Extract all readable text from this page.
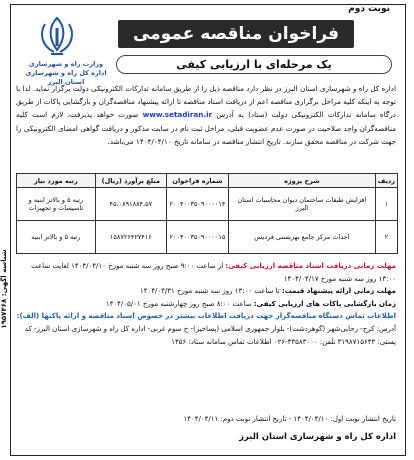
نوبت دوم
فراخوان مناقصه عمومی
یک مرحله‌ای با ارزیابی کیفی
وزارت راه و شهرسازی
اداره کل راه و شهرسازی استان البرز
اداره کل راه و شهرسازی استان البرز در نظر دارد مناقصه ذیل را از طریق سامانه تدارکات الکترونیکی دولت برگزار نماید. لذا با توجه به اینکه کلیه مراحل برگزاری مناقصه اعم از دریافت اسناد مناقصه تا ارائه پیشنهاد مناقصه‌گران و بازگشایی پاکات از طریق درگاه سامانه تدارکات الکترونیکی دولت (ستاد) به آدرس www.setadiran.ir صورت خواهد پذیرفت، لازم است کلیه مناقصه‌گران واجد صلاحیت در صورت عدم عضویت قبلی، مراحل ثبت نام در سایت مذکور و دریافت گواهی امضای الکترونیکی را جهت شرکت در مناقصه محقق سازند. تاریخ انتشار مناقصه در سامانه تاریخ ۱۴۰۴/۰۴/۱۰ می‌باشد.
ردیف	شرح پروژه	شماره فراخوان	مبلغ برآورد (ریال)	رتبه مورد نیاز
۱	افزایش طبقات ساختمان دیوان محاسبات استان البرز	۲۰۰۴۰۰۳۵۰۹۰۰۰۰۱۴	۴۵،۰۸۹۱۸۸۴،۵۷	رتبه ۵ و بالاتر ابنیه و تاسیسات و تجهیزات
۲	احداث مرکز جامع بهزیستی فردیس	۲۰۰۴۰۰۳۵۰۹۰۰۰۰۱۵	۱۵۸۷۲۶۴۲۷۴۱۶	رتبه ۵ و بالاتر ابنیه
مهلت زمانی دریافت اسناد مناقصه ارزیابی کیفی: از ساعت ۹:۰۰ صبح روز سه شنبه مورخ ۱۴۰۴/۰۴/۱۰ لغایت ساعت ۱۳:۰۰ روز سه شنبه مورخ ۱۴۰۴/۰۴/۱۷
مهلت زمانی ارائه پیشنهاد قیمت: تا ساعت ۱۳:۰۰ روز سه شنبه مورخ ۱۴۰۴/۰۴/۳۱
زمان بازگشایی پاکات های ارزیابی کیفی: ساعت ۸:۰۰ صبح روز چهارشنبه مورخ ۱۴۰۴/۰۵/۰۱
اطلاعات تماس دستگاه مناقصه‌گزار جهت دریافت اطلاعات بیشتر در خصوص اسناد مناقصه و ارائه پاکتها (الف):
آدرس: کرج- رجایی‌شهر (گوهردشت)- بلوار جمهوری اسلامی (پساخیز)- خ سوم غربی- اداره کل راه و شهرسازی استان البرز- کد پستی: ۳۱۹۸۷۱۵۶۴۴ تلفن: ۳۳۵۸۳۰۰۰-۰۲۶ اطلاعات تماس سامانه ستاد: ۱۴۵۶
تاریخ انتشار نوبت اول: ۱۴۰۴/۰۴/۱۰ - تاریخ انتشار نوبت دوم: ۱۴۰۴/۰۴/۱۱
اداره کل راه و شهرسازی استان البرز
شناسه آگهی: ۱۹۵۷۴۶۸
